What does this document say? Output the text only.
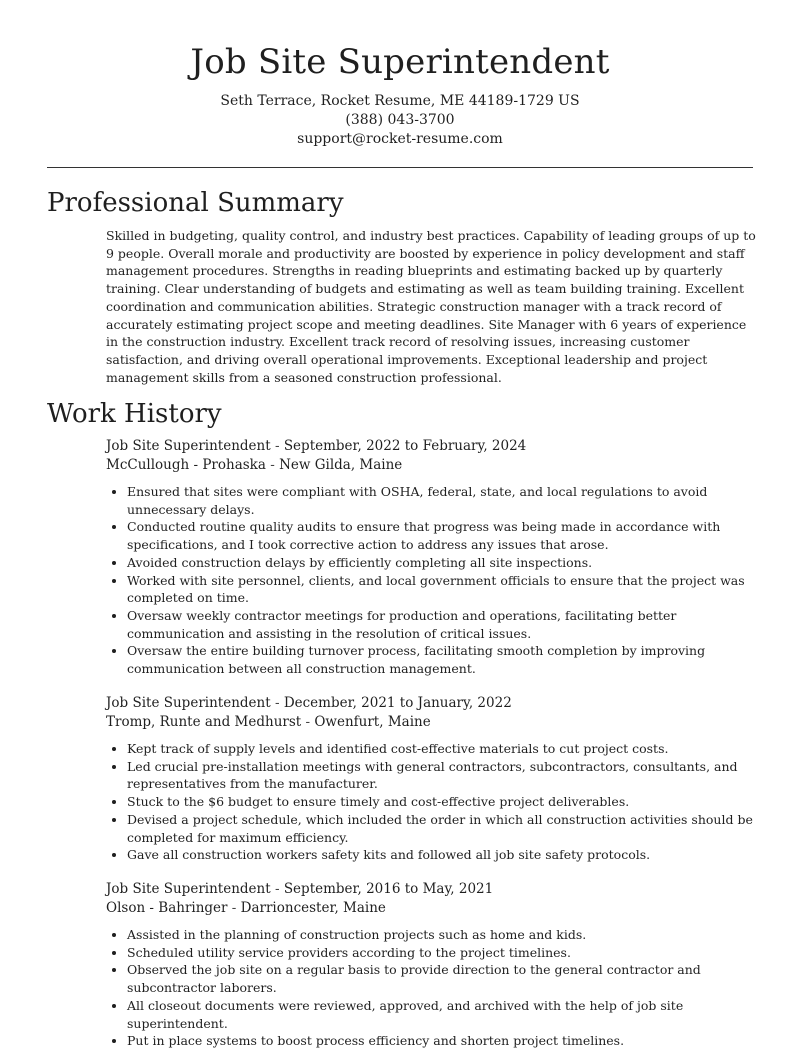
Job Site Superintendent
Seth Terrace, Rocket Resume, ME 44189-1729 US
(388) 043-3700
support@rocket-resume.com
Professional Summary
Skilled in budgeting, quality control, and industry best practices. Capability of leading groups of up to 9 people. Overall morale and productivity are boosted by experience in policy development and staff management procedures. Strengths in reading blueprints and estimating backed up by quarterly training. Clear understanding of budgets and estimating as well as team building training. Excellent coordination and communication abilities. Strategic construction manager with a track record of accurately estimating project scope and meeting deadlines. Site Manager with 6 years of experience in the construction industry. Excellent track record of resolving issues, increasing customer satisfaction, and driving overall operational improvements. Exceptional leadership and project management skills from a seasoned construction professional.
Work History
Job Site Superintendent - September, 2022 to February, 2024
McCullough - Prohaska - New Gilda, Maine
• Ensured that sites were compliant with OSHA, federal, state, and local regulations to avoid unnecessary delays.
• Conducted routine quality audits to ensure that progress was being made in accordance with specifications, and I took corrective action to address any issues that arose.
• Avoided construction delays by efficiently completing all site inspections.
• Worked with site personnel, clients, and local government officials to ensure that the project was completed on time.
• Oversaw weekly contractor meetings for production and operations, facilitating better communication and assisting in the resolution of critical issues.
• Oversaw the entire building turnover process, facilitating smooth completion by improving communication between all construction management.
Job Site Superintendent - December, 2021 to January, 2022
Tromp, Runte and Medhurst - Owenfurt, Maine
• Kept track of supply levels and identified cost-effective materials to cut project costs.
• Led crucial pre-installation meetings with general contractors, subcontractors, consultants, and representatives from the manufacturer.
• Stuck to the $6 budget to ensure timely and cost-effective project deliverables.
• Devised a project schedule, which included the order in which all construction activities should be completed for maximum efficiency.
• Gave all construction workers safety kits and followed all job site safety protocols.
Job Site Superintendent - September, 2016 to May, 2021
Olson - Bahringer - Darrioncester, Maine
• Assisted in the planning of construction projects such as home and kids.
• Scheduled utility service providers according to the project timelines.
• Observed the job site on a regular basis to provide direction to the general contractor and subcontractor laborers.
• All closeout documents were reviewed, approved, and archived with the help of job site superintendent.
• Put in place systems to boost process efficiency and shorten project timelines.
